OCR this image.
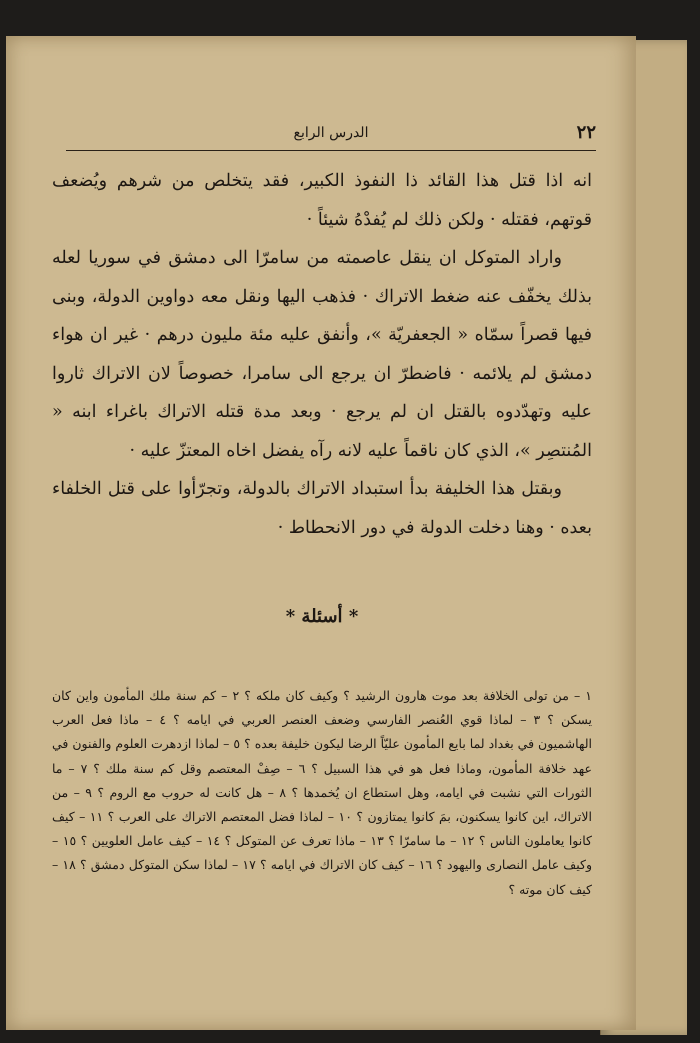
٢٢
الدرس الرابع

انه اذا قتل هذا القائد ذا النفوذ الكبير، فقد يتخلص من شرهم ويُضعف قوتهم، فقتله · ولكن ذلك لم يُفدْهُ شيئاً ·

واراد المتوكل ان ينقل عاصمته من سامرّا الى دمشق في سوريا لعله بذلك يخفّف عنه ضغط الاتراك · فذهب اليها ونقل معه دواوين الدولة، وبنى فيها قصراً سمّاه « الجعفريّة »، وأنفق عليه مئة مليون درهم · غير ان هواء دمشق لم يلائمه · فاضطرّ ان يرجع الى سامرا، خصوصاً لان الاتراك ثاروا عليه وتهدّدوه بالقتل ان لم يرجع · وبعد مدة قتله الاتراك باغراء ابنه « المُنتصِر »، الذي كان ناقماً عليه لانه رآه يفضل اخاه المعتزّ عليه ·

وبقتل هذا الخليفة بدأ استبداد الاتراك بالدولة، وتجرّأوا على قتل الخلفاء بعده · وهنا دخلت الدولة في دور الانحطاط ·

* أسئلة *

١ – من تولى الخلافة بعد موت هارون الرشيد ؟ وكيف كان ملكه ؟ ٢ – كم سنة ملك المأمون واين كان يسكن ؟ ٣ – لماذا قوي العُنصر الفارسي وضعف العنصر العربي في ايامه ؟ ٤ – ماذا فعل العرب الهاشميون في بغداد لما بايع المأمون عليّاً الرضا ليكون خليفة بعده ؟ ٥ – لماذا ازدهرت العلوم والفنون في عهد خلافة المأمون، وماذا فعل هو في هذا السبيل ؟ ٦ – صِفْ المعتصم وقل كم سنة ملك ؟ ٧ – ما الثورات التي نشبت في ايامه، وهل استطاع ان يُخمدها ؟ ٨ – هل كانت له حروب مع الروم ؟ ٩ – من الاتراك، اين كانوا يسكنون، بمَ كانوا يمتازون ؟ ١٠ – لماذا فضل المعتصم الاتراك على العرب ؟ ١١ – كيف كانوا يعاملون الناس ؟ ١٢ – ما سامرّا ؟ ١٣ – ماذا تعرف عن المتوكل ؟ ١٤ – كيف عامل العلويين ؟ ١٥ – وكيف عامل النصارى واليهود ؟ ١٦ – كيف كان الاتراك في ايامه ؟ ١٧ – لماذا سكن المتوكل دمشق ؟ ١٨ – كيف كان موته ؟
